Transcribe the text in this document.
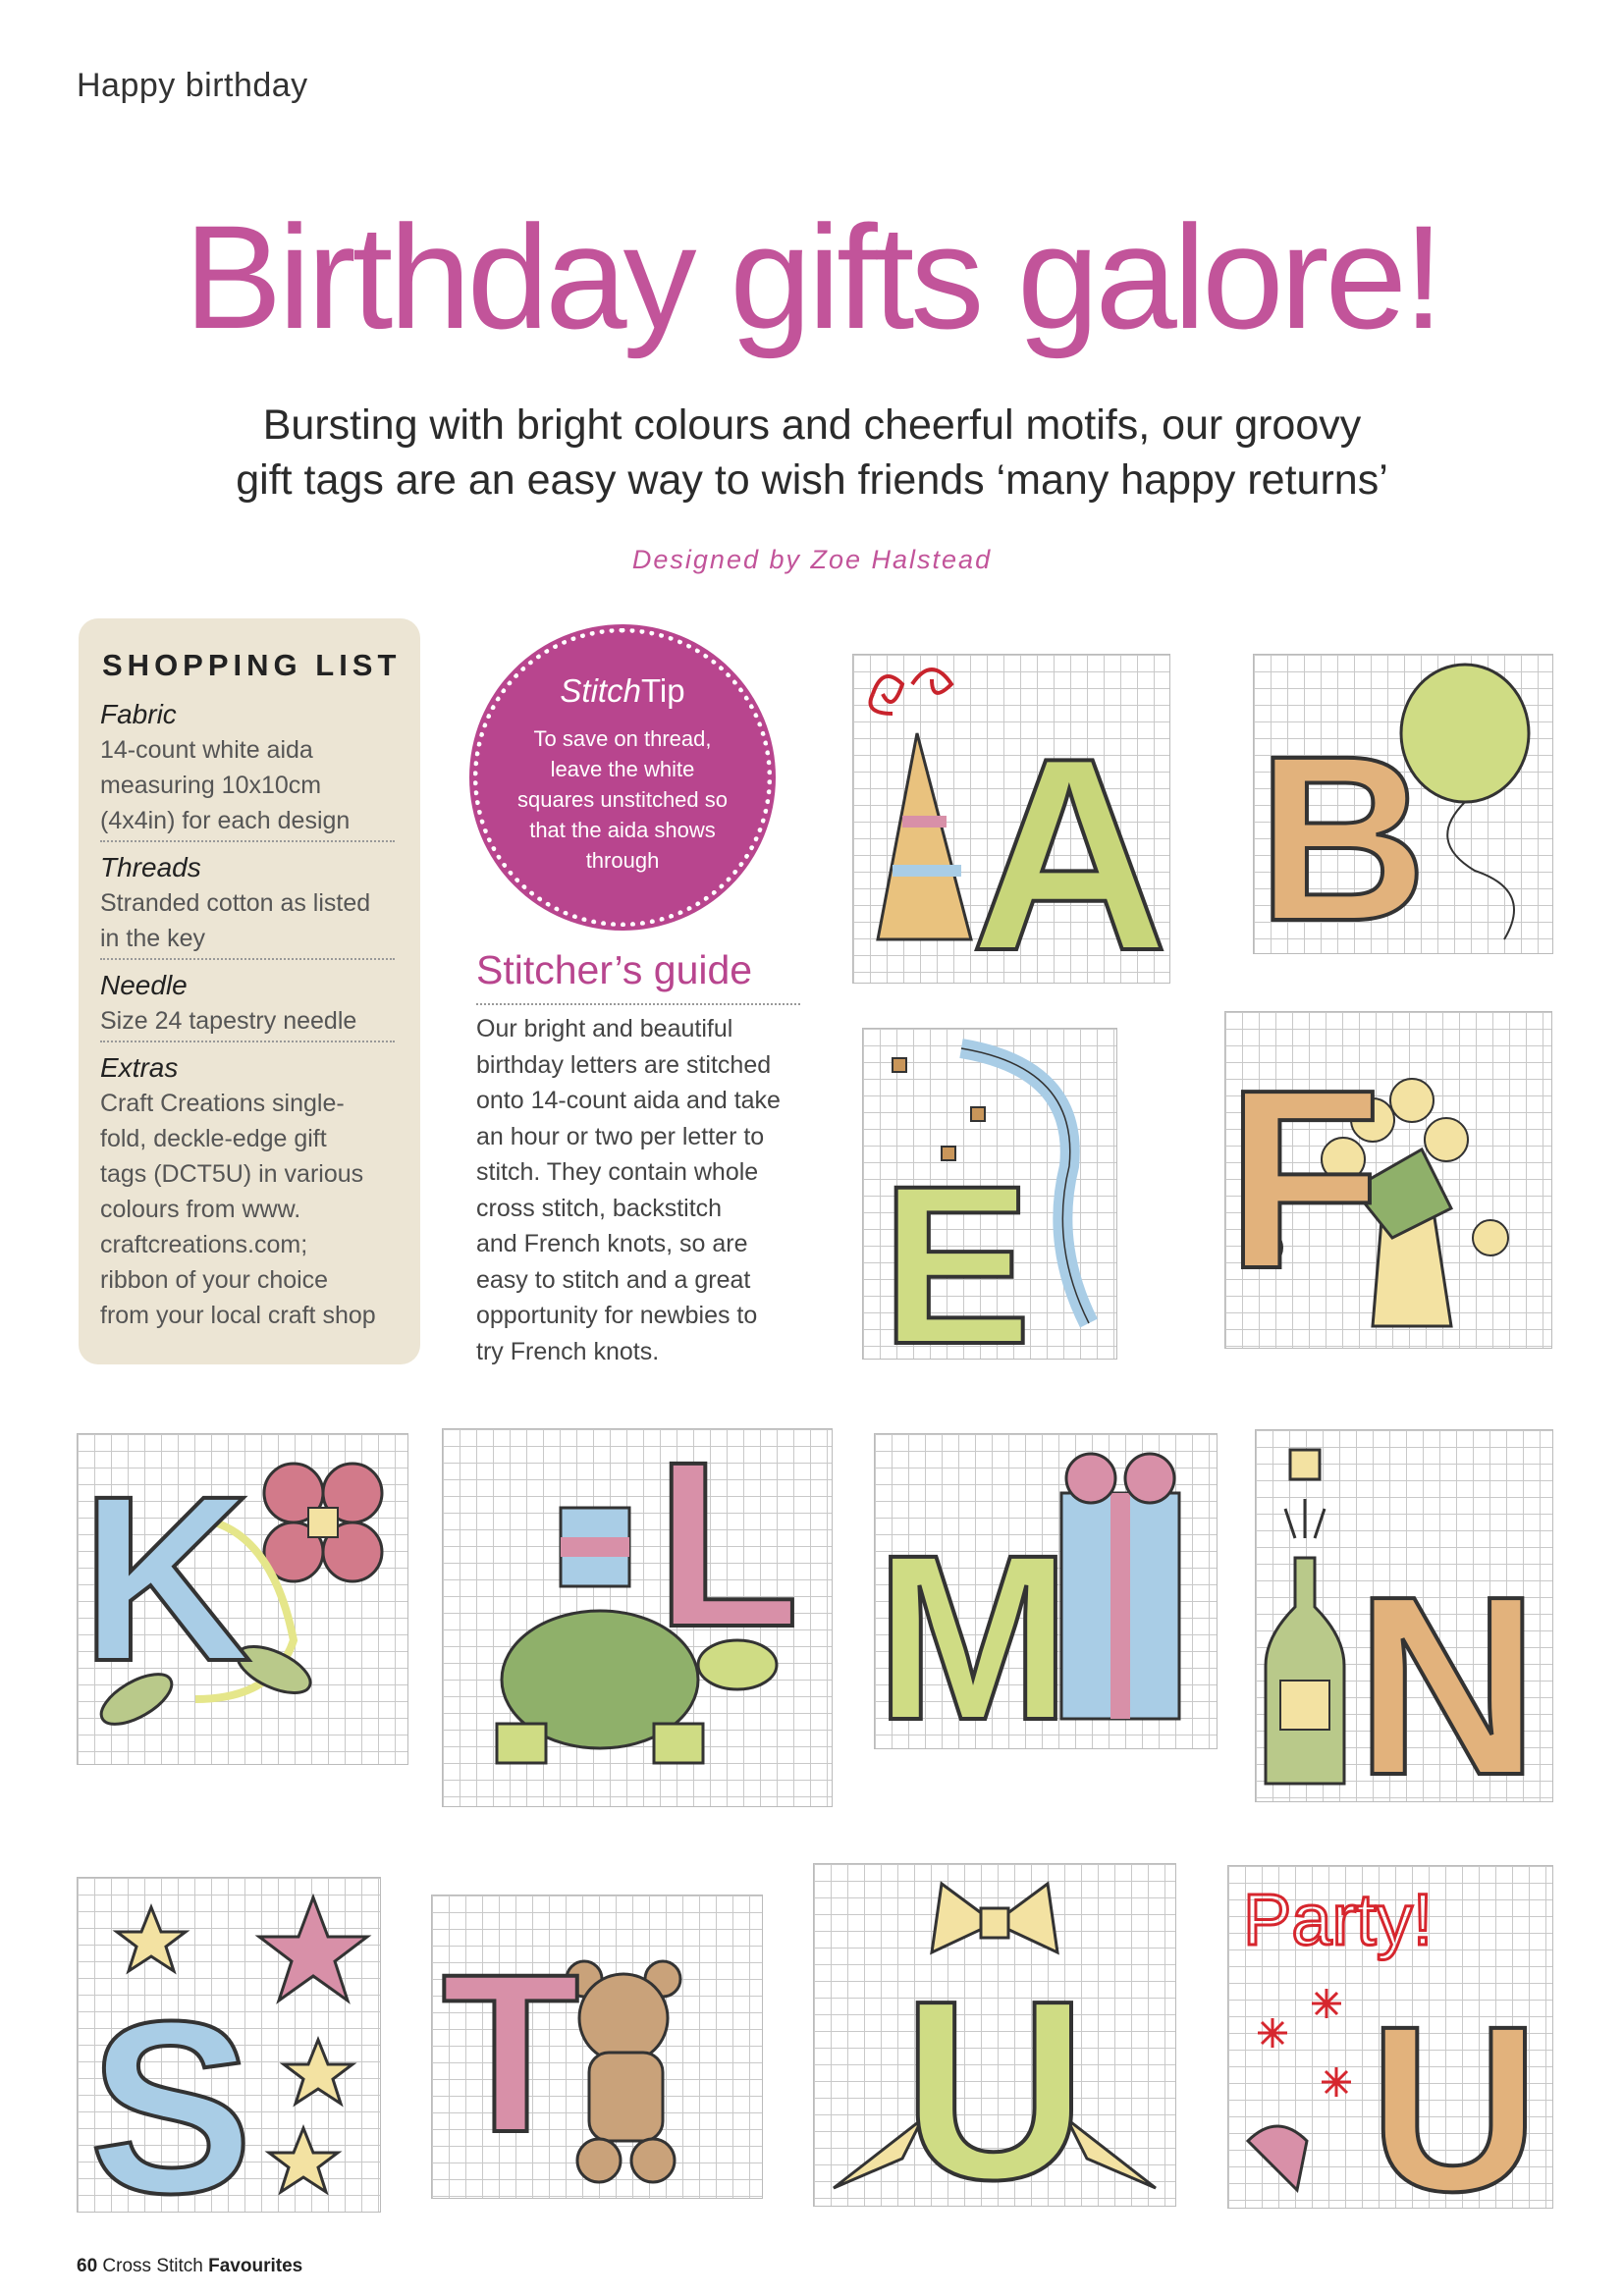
Happy birthday
Birthday gifts galore!
Bursting with bright colours and cheerful motifs, our groovy
gift tags are an easy way to wish friends ‘many happy returns’
Designed by Zoe Halstead
SHOPPING LIST
Fabric
14-count white aida
measuring 10x10cm
(4x4in) for each design
Threads
Stranded cotton as listed
in the key
Needle
Size 24 tapestry needle
Extras
Craft Creations single-
fold, deckle-edge gift
tags (DCT5U) in various
colours from www.
craftcreations.com;
ribbon of your choice
from your local craft shop
StitchTip
To save on thread,
leave the white
squares unstitched so
that the aida shows
through
Stitcher’s guide
Our bright and beautiful
birthday letters are stitched
onto 14-count aida and take
an hour or two per letter to
stitch. They contain whole
cross stitch, backstitch
and French knots, so are
easy to stitch and a great
opportunity for newbies to
try French knots.
A B
E F
K L M N
S T U
Party!
U
60 Cross Stitch Favourites
